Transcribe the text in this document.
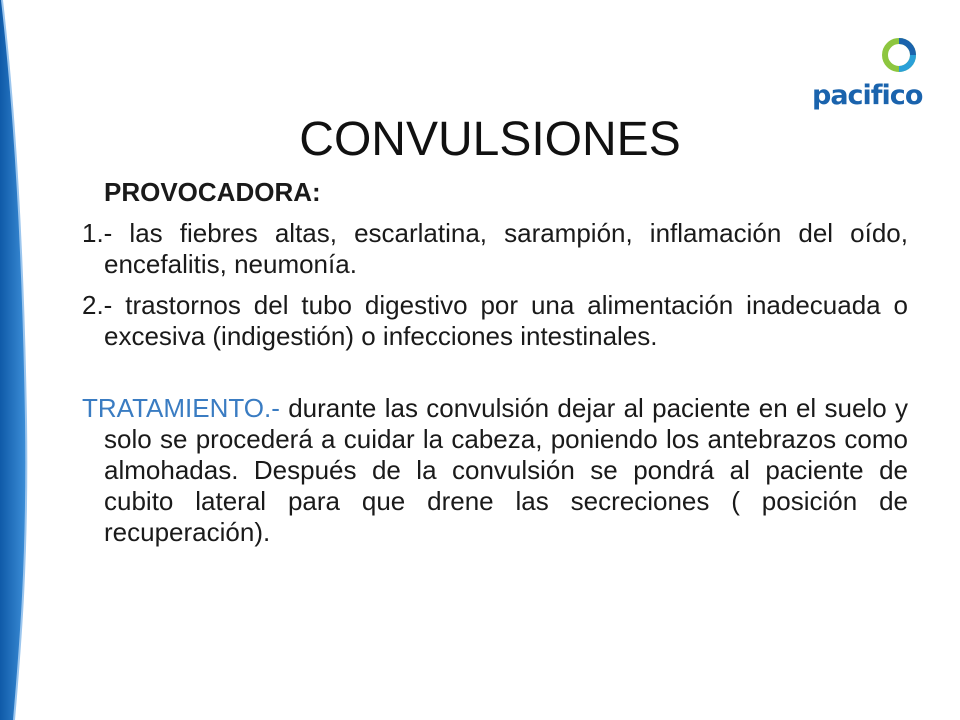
pacifico
CONVULSIONES
PROVOCADORA:
1.- las fiebres altas, escarlatina, sarampión, inflamación del oído, encefalitis, neumonía.
2.- trastornos del tubo digestivo por una alimentación inadecuada o excesiva (indigestión) o infecciones intestinales.
TRATAMIENTO.- durante las convulsión dejar al paciente en el suelo y solo se procederá a cuidar la cabeza, poniendo los antebrazos como almohadas. Después de la convulsión se pondrá al paciente de cubito lateral para que drene las secreciones ( posición de recuperación).
